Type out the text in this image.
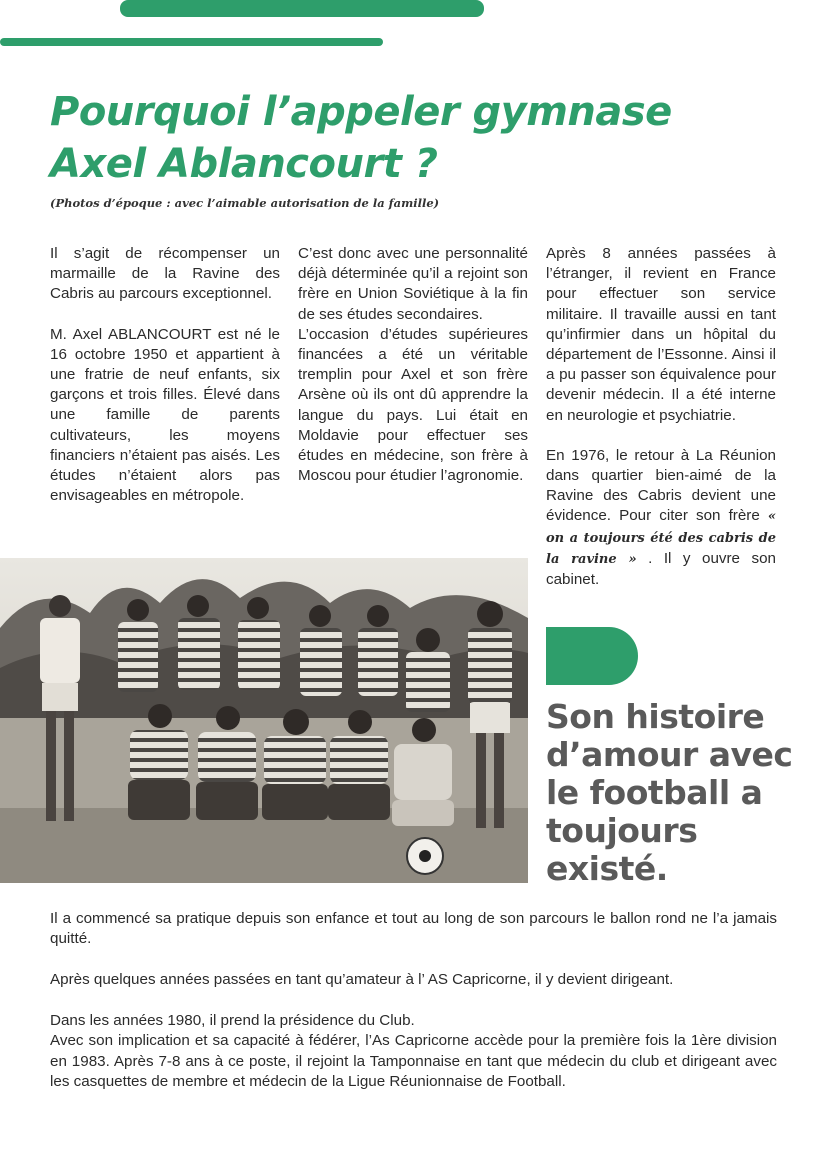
Pourquoi l’appeler gymnase Axel Ablancourt ?
(Photos d’époque : avec l’aimable autorisation de la famille)

Il s’agit de récompenser un marmaille de la Ravine des Cabris au parcours exceptionnel.

M. Axel ABLANCOURT est né le 16 octobre 1950 et appartient à une fratrie de neuf enfants, six garçons et trois filles. Élevé dans une famille de parents cultivateurs, les moyens financiers n’étaient pas aisés. Les études n’étaient alors pas envisageables en métropole.

C’est donc avec une personnalité déjà déterminée qu’il a rejoint son frère en Union Soviétique à la fin de ses études secondaires.

L’occasion d’études supérieures financées a été un véritable tremplin pour Axel et son frère Arsène où ils ont dû apprendre la langue du pays. Lui était en Moldavie pour effectuer ses études en médecine, son frère à Moscou pour étudier l’agronomie.

Après 8 années passées à l’étranger, il revient en France pour effectuer son service militaire. Il travaille aussi en tant qu’infirmier dans un hôpital du département de l’Essonne. Ainsi il a pu passer son équivalence pour devenir médecin. Il a été interne en neurologie et psychiatrie.

En 1976, le retour à La Réunion dans quartier bien-aimé de la Ravine des Cabris devient une évidence. Pour citer son frère « on a toujours été des cabris de la ravine » . Il y ouvre son cabinet.

Son histoire d’amour avec le football a toujours existé.

Il a commencé sa pratique depuis son enfance et tout au long de son parcours le ballon rond ne l’a jamais quitté.

Après quelques années passées en tant qu’amateur à l’ AS Capricorne, il y devient dirigeant.

Dans les années 1980, il prend la présidence du Club.

Avec son implication et sa capacité à fédérer, l’As Capricorne accède pour la première fois la 1ère division en 1983. Après 7-8 ans à ce poste, il rejoint la Tamponnaise en tant que médecin du club et dirigeant avec les casquettes de membre et médecin de la Ligue Réunionnaise de Football.
